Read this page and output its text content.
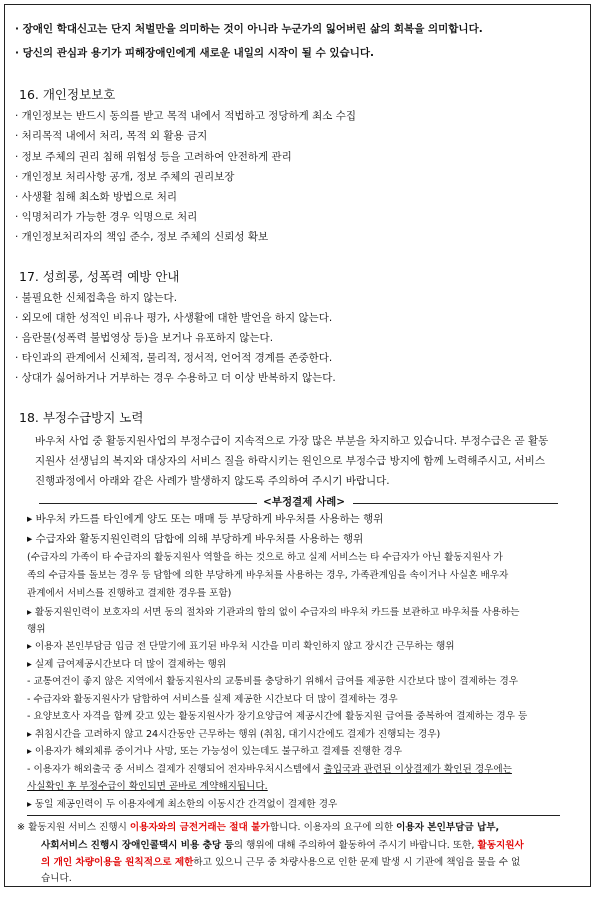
· 장애인 학대신고는 단지 처벌만을 의미하는 것이 아니라 누군가의 잃어버린 삶의 회복을 의미합니다.
· 당신의 관심과 용기가 피해장애인에게 새로운 내일의 시작이 될 수 있습니다.
16. 개인정보보호
· 개인정보는 반드시 동의를 받고 목적 내에서 적법하고 정당하게 최소 수집
· 처리목적 내에서 처리, 목적 외 활용 금지
· 정보 주체의 권리 침해 위험성 등을 고려하여 안전하게 관리
· 개인정보 처리사항 공개, 정보 주체의 권리보장
· 사생활 침해 최소화 방법으로 처리
· 익명처리가 가능한 경우 익명으로 처리
· 개인정보처리자의 책임 준수, 정보 주체의 신뢰성 확보
17. 성희롱, 성폭력 예방 안내
· 불필요한 신체접촉을 하지 않는다.
· 외모에 대한 성적인 비유나 평가, 사생활에 대한 발언을 하지 않는다.
· 음란물(성폭력 불법영상 등)을 보거나 유포하지 않는다.
· 타인과의 관계에서 신체적, 물리적, 정서적, 언어적 경계를 존중한다.
· 상대가 싫어하거나 거부하는 경우 수용하고 더 이상 반복하지 않는다.
18. 부정수급방지 노력
바우처 사업 중 활동지원사업의 부정수급이 지속적으로 가장 많은 부분을 차지하고 있습니다. 부정수급은 곧 활동
지원사 선생님의 복지와 대상자의 서비스 질을 하락시키는 원인으로 부정수급 방지에 함께 노력해주시고, 서비스
진행과정에서 아래와 같은 사례가 발생하지 않도록 주의하여 주시기 바랍니다.
<부정결제 사례>
▸ 바우처 카드를 타인에게 양도 또는 매매 등 부당하게 바우처를 사용하는 행위
▸ 수급자와 활동지원인력의 담합에 의해 부당하게 바우처를 사용하는 행위
(수급자의 가족이 타 수급자의 활동지원사 역할을 하는 것으로 하고 실제 서비스는 타 수급자가 아닌 활동지원사 가
족의 수급자를 돌보는 경우 등 담합에 의한 부당하게 바우처를 사용하는 경우, 가족관계임을 속이거나 사실혼 배우자
관계에서 서비스를 진행하고 결제한 경우를 포함)
▸ 활동지원인력이 보호자의 서면 동의 절차와 기관과의 합의 없이 수급자의 바우처 카드를 보관하고 바우처를 사용하는
행위
▸ 이용자 본인부담금 입금 전 단말기에 표기된 바우처 시간을 미리 확인하지 않고 장시간 근무하는 행위
▸ 실제 급여제공시간보다 더 많이 결제하는 행위
- 교통여건이 좋지 않은 지역에서 활동지원사의 교통비를 충당하기 위해서 급여를 제공한 시간보다 많이 결제하는 경우
- 수급자와 활동지원사가 담합하여 서비스를 실제 제공한 시간보다 더 많이 결제하는 경우
- 요양보호사 자격을 함께 갖고 있는 활동지원사가 장기요양급여 제공시간에 활동지원 급여를 중복하여 결제하는 경우 등
▸ 취침시간을 고려하지 않고 24시간동안 근무하는 행위 (취침, 대기시간에도 결제가 진행되는 경우)
▸ 이용자가 해외체류 중이거나 사망, 또는 가능성이 있는데도 불구하고 결제를 진행한 경우
- 이용자가 해외출국 중 서비스 결제가 진행되어 전자바우처시스템에서 출입국과 관련된 이상결제가 확인된 경우에는
사실확인 후 부정수급이 확인되면 곧바로 계약해지됩니다.
▸ 동일 제공인력이 두 이용자에게 최소한의 이동시간 간격없이 결제한 경우
※ 활동지원 서비스 진행시 이용자와의 금전거래는 절대 불가합니다. 이용자의 요구에 의한 이용자 본인부담금 납부,
사회서비스 진행시 장애인콜택시 비용 충당 등의 행위에 대해 주의하여 활동하여 주시기 바랍니다. 또한, 활동지원사
의 개인 차량이용을 원칙적으로 제한하고 있으니 근무 중 차량사용으로 인한 문제 발생 시 기관에 책임을 물을 수 없
습니다.
